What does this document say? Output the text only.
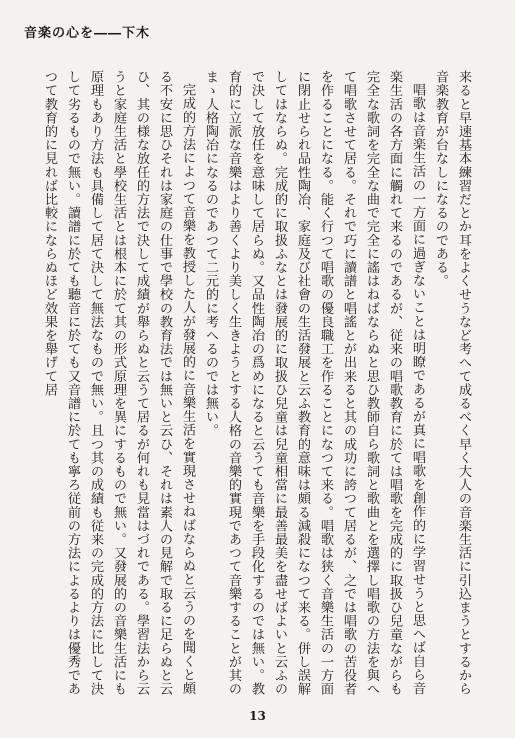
音楽の心を――下木

来ると早速基本練習だとか耳をよくせうなど考へて成るべく早く大人の音楽生活に引込まうとするから音楽教育が台なしになるのである。

唱歌は音楽生活の一方面に過ぎないことは明瞭であるが真に唱歌を創作的に学習せうと思へば自ら音楽生活の各方面に觸れて来るのであるが、従来の唱歌教育に於ては唱歌を完成的に取扱ひ兒童ながらも完全な歌詞を完全な曲で完全に謠はねばならぬと思ひ教師自ら歌詞と歌曲とを選擇し唱歌の方法を與へて唱歌させて居る。それで巧に讀譜と唱謠とが出来ると其の成功に誇つて居るが、之では唱歌の苦役者を作ることになる。能く行つて唱歌の優良職工を作ることになつて来る。唱歌は狭く音樂生活の一方面に閉止せられ品性陶冶、家庭及び社會の生活發展と云ふ教育的意味は頗る減殺になつて来る。併し誤解してはならぬ。完成的に取扱ふなとは發展的に取扱ひ兒童は兒童相當に最善最美を盡せばよいと云ふので決して放任を意味して居らぬ。又品性陶冶の爲めになると云うても音樂を手段化するのでは無い。教育的に立派な音樂はより善くより美しく生きようとする人格の音樂的實現であつて音樂することが其のまゝ人格陶冶になるのであつて二元的に考へるのでは無い。

完成的方法によつて音樂を教授した人が發展的に音樂生活を實現させねばならぬと云うのを聞くと頗る不安に思ひそれは家庭の仕事で學校の教育法では無いと云ひ、それは素人の見解で取るに足らぬと云ひ、其の様な放任的方法で決して成績が舉らぬと云うて居るが何れも見當はづれである。學習法から云うと家庭生活と學校生活とは根本に於て其の形式原理を異にするもので無い。又發展的の音樂生活にも原理もあり方法も具備して居て決して無法なもので無い。且つ其の成績も従来の完成的方法に比して決して劣るもので無い。讀譜に於ても聽音に於ても又音譜に於ても寧ろ従前の方法によるよりは優秀であつて教育的に見れば比較にならぬほど效果を舉げて居

13
